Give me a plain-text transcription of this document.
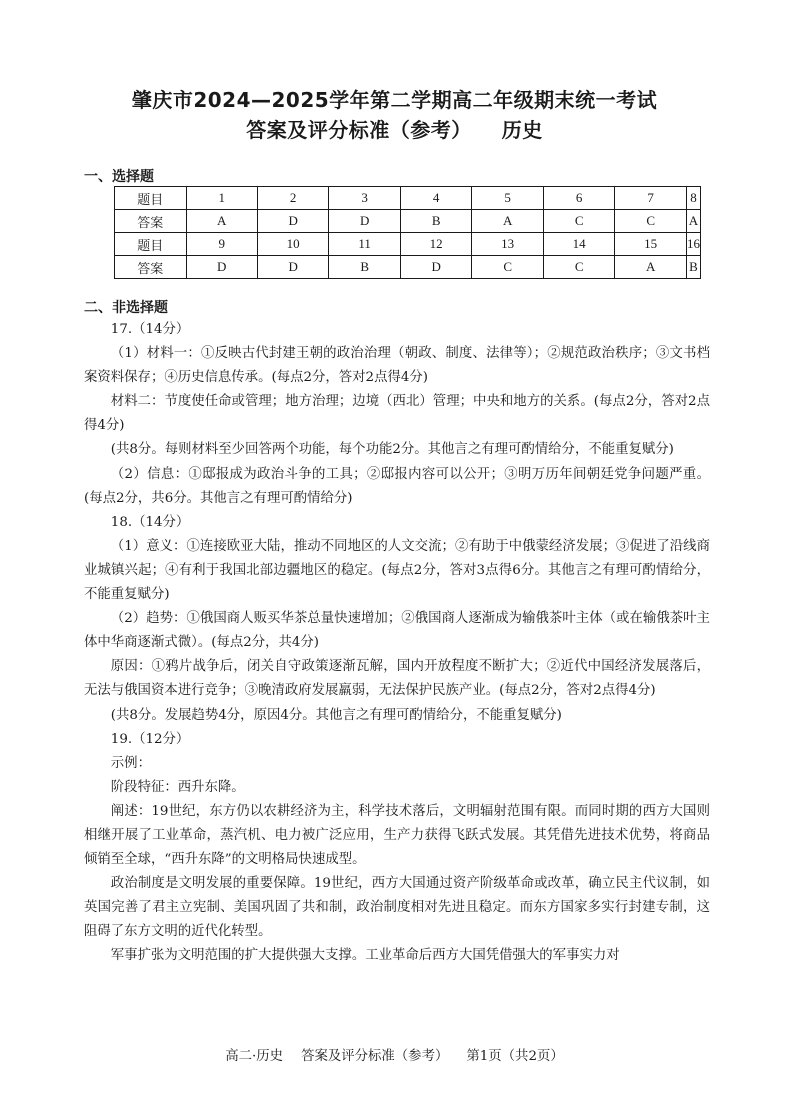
肇庆市2024—2025学年第二学期高二年级期末统一考试
答案及评分标准（参考） 历史
一、选择题
题目	1	2	3	4	5	6	7	8
答案	A	D	D	B	A	C	C	A
题目	9	10	11	12	13	14	15	16
答案	D	D	B	D	C	C	A	B
二、非选择题

17.（14分）

（1）材料一：①反映古代封建王朝的政治治理（朝政、制度、法律等）；②规范政治秩序；③文书档案资料保存；④历史信息传承。(每点2分，答对2点得4分)

材料二：节度使任命或管理；地方治理；边境（西北）管理；中央和地方的关系。(每点2分，答对2点得4分)

(共8分。每则材料至少回答两个功能，每个功能2分。其他言之有理可酌情给分，不能重复赋分)

（2）信息：①邸报成为政治斗争的工具；②邸报内容可以公开；③明万历年间朝廷党争问题严重。(每点2分，共6分。其他言之有理可酌情给分)

18.（14分）

（1）意义：①连接欧亚大陆，推动不同地区的人文交流；②有助于中俄蒙经济发展；③促进了沿线商业城镇兴起；④有利于我国北部边疆地区的稳定。(每点2分，答对3点得6分。其他言之有理可酌情给分，不能重复赋分)

（2）趋势：①俄国商人贩买华茶总量快速增加；②俄国商人逐渐成为输俄茶叶主体（或在输俄茶叶主体中华商逐渐式微）。(每点2分，共4分)

原因：①鸦片战争后，闭关自守政策逐渐瓦解，国内开放程度不断扩大；②近代中国经济发展落后，无法与俄国资本进行竞争；③晚清政府发展羸弱，无法保护民族产业。(每点2分，答对2点得4分)

(共8分。发展趋势4分，原因4分。其他言之有理可酌情给分，不能重复赋分)

19.（12分）

示例：

阶段特征：西升东降。

阐述：19世纪，东方仍以农耕经济为主，科学技术落后，文明辐射范围有限。而同时期的西方大国则相继开展了工业革命，蒸汽机、电力被广泛应用，生产力获得飞跃式发展。其凭借先进技术优势，将商品倾销至全球，“西升东降”的文明格局快速成型。

政治制度是文明发展的重要保障。19世纪，西方大国通过资产阶级革命或改革，确立民主代议制，如英国完善了君主立宪制、美国巩固了共和制，政治制度相对先进且稳定。而东方国家多实行封建专制，这阻碍了东方文明的近代化转型。

军事扩张为文明范围的扩大提供强大支撑。工业革命后西方大国凭借强大的军事实力对

高二·历史 答案及评分标准（参考） 第1页（共2页）
